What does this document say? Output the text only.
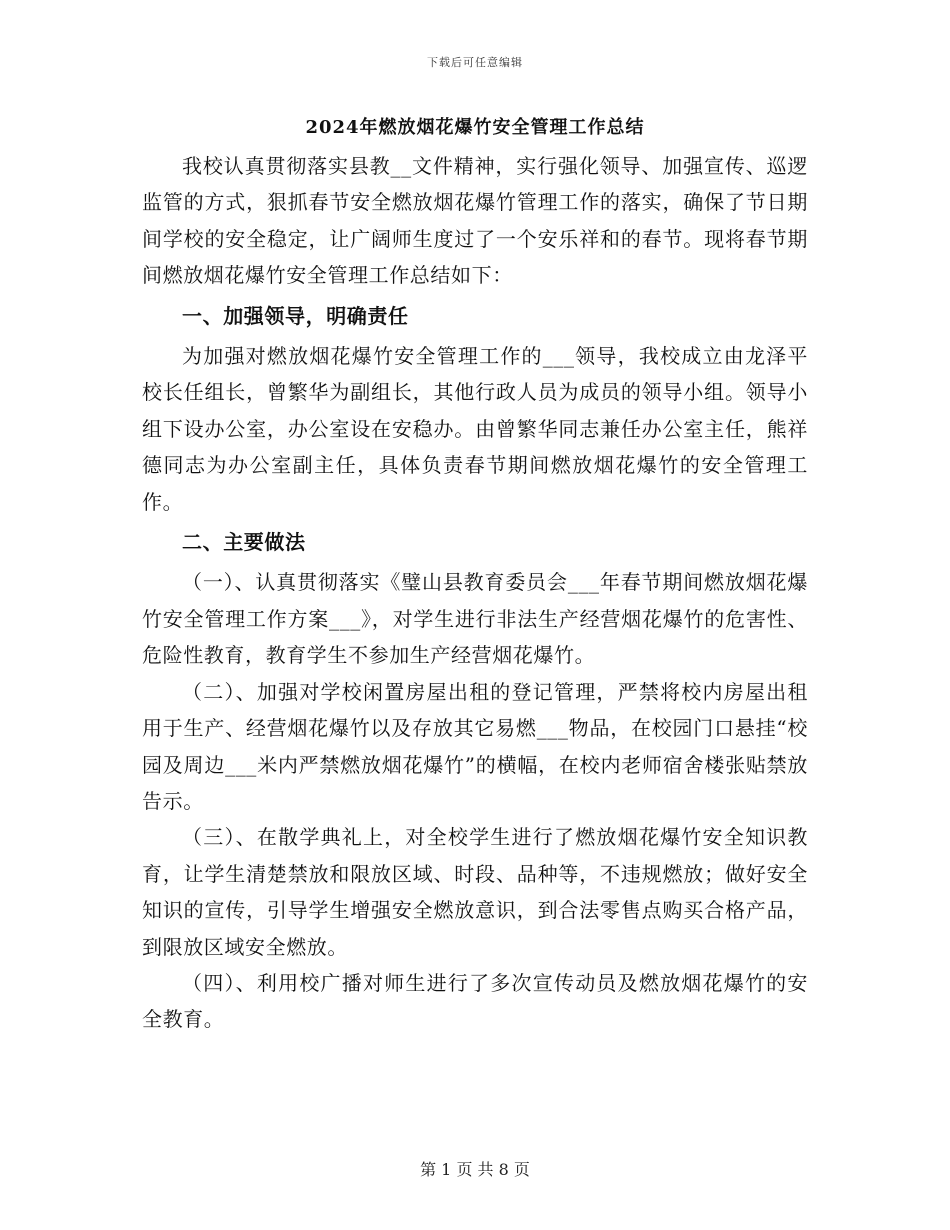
下载后可任意编辑
2024年燃放烟花爆竹安全管理工作总结

我校认真贯彻落实县教__文件精神，实行强化领导、加强宣传、巡逻监管的方式，狠抓春节安全燃放烟花爆竹管理工作的落实，确保了节日期间学校的安全稳定，让广阔师生度过了一个安乐祥和的春节。现将春节期间燃放烟花爆竹安全管理工作总结如下：

一、加强领导，明确责任

为加强对燃放烟花爆竹安全管理工作的___领导，我校成立由龙泽平校长任组长，曾繁华为副组长，其他行政人员为成员的领导小组。领导小组下设办公室，办公室设在安稳办。由曾繁华同志兼任办公室主任，熊祥德同志为办公室副主任，具体负责春节期间燃放烟花爆竹的安全管理工作。

二、主要做法

（一）、认真贯彻落实《璧山县教育委员会___年春节期间燃放烟花爆竹安全管理工作方案___》，对学生进行非法生产经营烟花爆竹的危害性、危险性教育，教育学生不参加生产经营烟花爆竹。

（二）、加强对学校闲置房屋出租的登记管理，严禁将校内房屋出租用于生产、经营烟花爆竹以及存放其它易燃___物品，在校园门口悬挂“校园及周边___米内严禁燃放烟花爆竹”的横幅，在校内老师宿舍楼张贴禁放告示。

（三）、在散学典礼上，对全校学生进行了燃放烟花爆竹安全知识教育，让学生清楚禁放和限放区域、时段、品种等，不违规燃放；做好安全知识的宣传，引导学生增强安全燃放意识，到合法零售点购买合格产品，到限放区域安全燃放。

（四）、利用校广播对师生进行了多次宣传动员及燃放烟花爆竹的安全教育。

第 1 页 共 8 页
